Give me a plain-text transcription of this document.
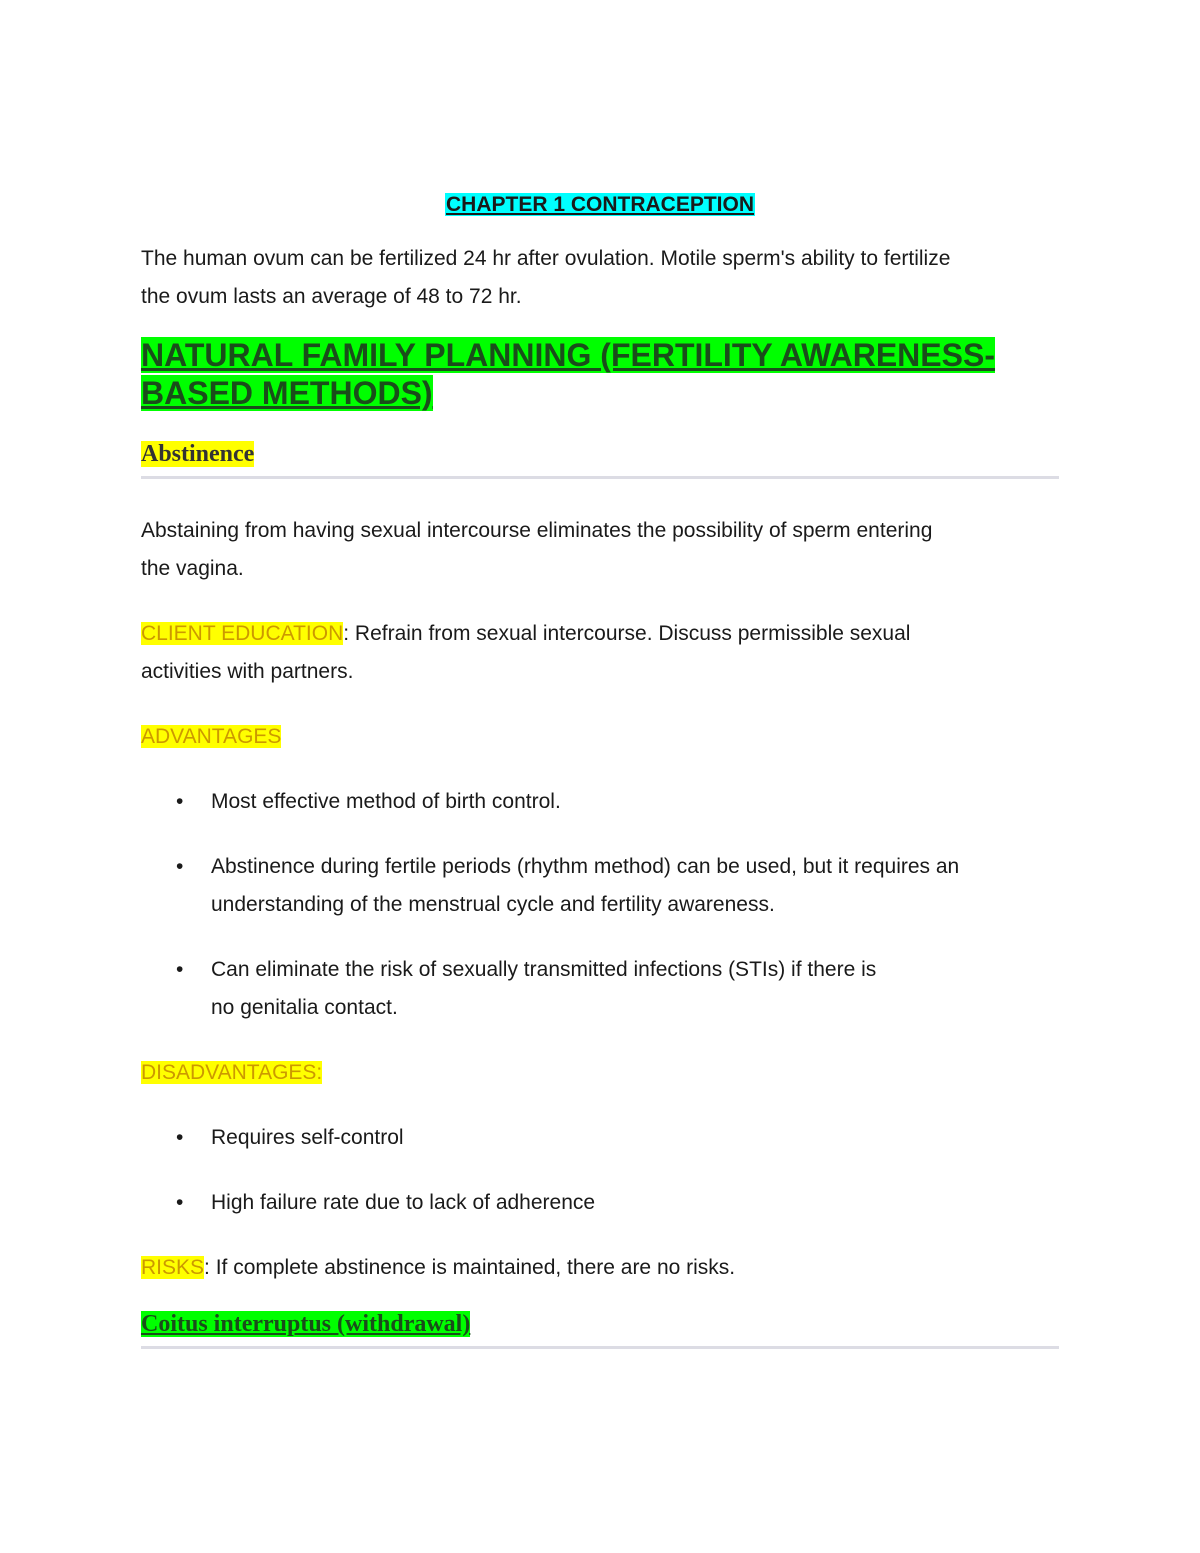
CHAPTER 1 CONTRACEPTION

The human ovum can be fertilized 24 hr after ovulation. Motile sperm's ability to fertilize
the ovum lasts an average of 48 to 72 hr.

NATURAL FAMILY PLANNING (FERTILITY AWARENESS-
BASED METHODS)
Abstinence

Abstaining from having sexual intercourse eliminates the possibility of sperm entering
the vagina.

CLIENT EDUCATION: Refrain from sexual intercourse. Discuss permissible sexual
activities with partners.

ADVANTAGES

• Most effective method of birth control.
• Abstinence during fertile periods (rhythm method) can be used, but it requires an
understanding of the menstrual cycle and fertility awareness.
• Can eliminate the risk of sexually transmitted infections (STIs) if there is
no genitalia contact.

DISADVANTAGES:

• Requires self-control
• High failure rate due to lack of adherence

RISKS: If complete abstinence is maintained, there are no risks.

Coitus interruptus (withdrawal)
